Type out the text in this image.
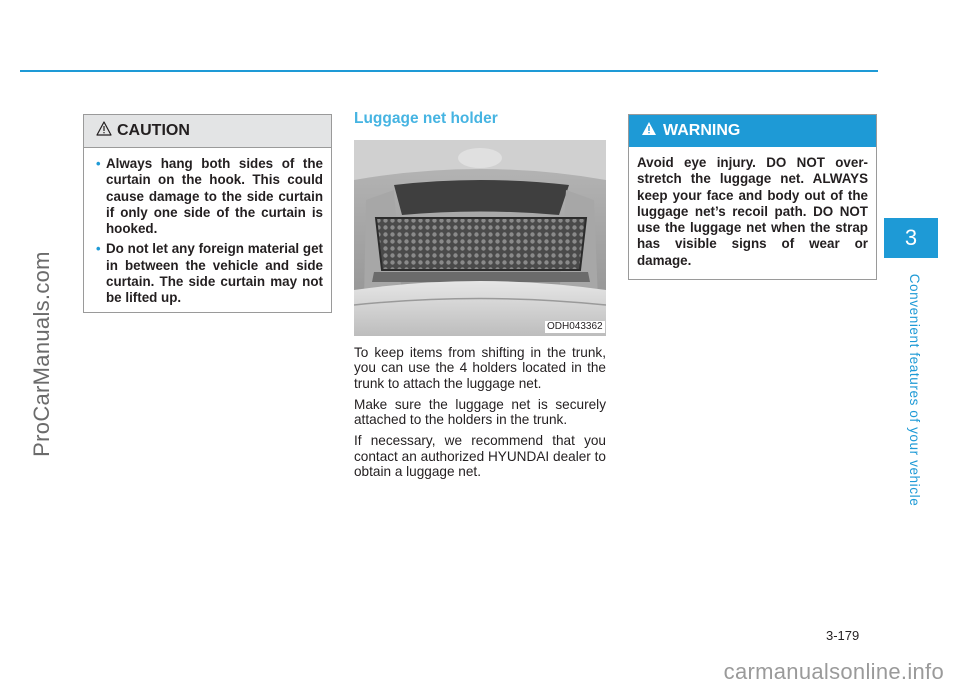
ProCarManuals.com
carmanualsonline.info
3
Convenient features of your vehicle
3-179
CAUTION
• Always hang both sides of the curtain on the hook. This could cause damage to the side curtain if only one side of the curtain is hooked.
• Do not let any foreign material get in between the vehicle and side curtain. The side curtain may not be lifted up.
Luggage net holder
ODH043362

To keep items from shifting in the trunk, you can use the 4 holders located in the trunk to attach the luggage net.

Make sure the luggage net is securely attached to the holders in the trunk.

If necessary, we recommend that you contact an authorized HYUNDAI dealer to obtain a luggage net.

WARNING
Avoid eye injury. DO NOT over-stretch the luggage net. ALWAYS keep your face and body out of the luggage net’s recoil path. DO NOT use the luggage net when the strap has visible signs of wear or damage.
